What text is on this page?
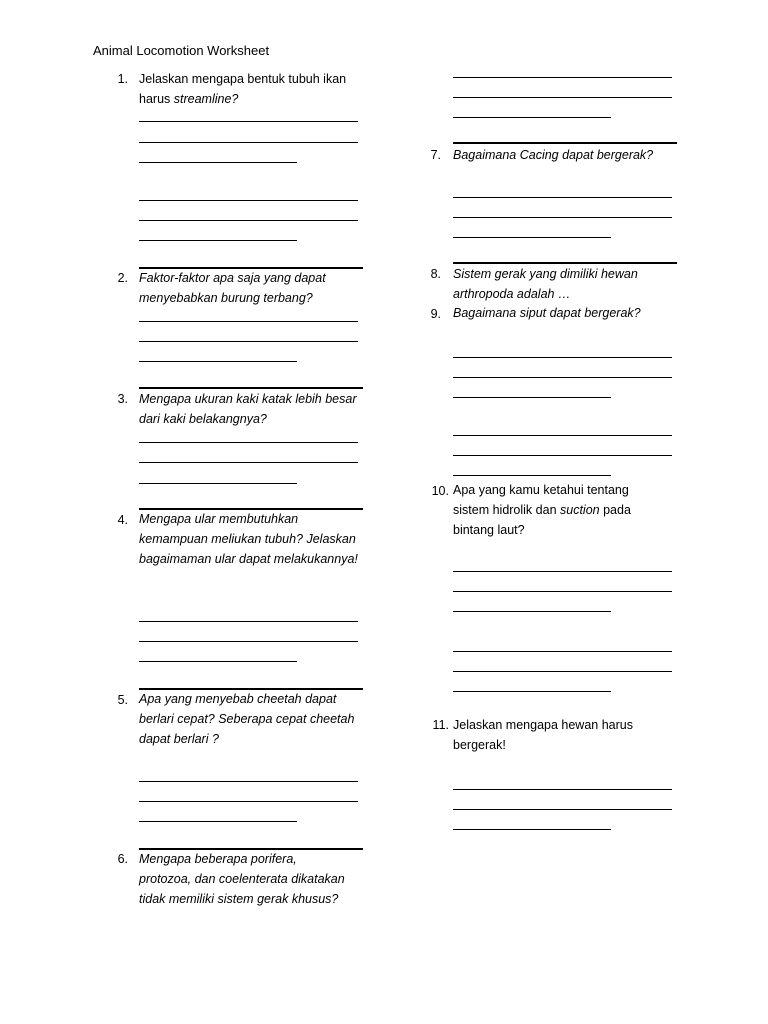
Animal Locomotion Worksheet
1. Jelaskan mengapa bentuk tubuh ikan harus streamline?
2. Faktor-faktor apa saja yang dapat menyebabkan burung terbang?
3. Mengapa ukuran kaki katak lebih besar dari kaki belakangnya?
4. Mengapa ular membutuhkan kemampuan meliukan tubuh? Jelaskan bagaimaman ular dapat melakukannya!
5. Apa yang menyebab cheetah dapat berlari cepat? Seberapa cepat cheetah dapat berlari ?
6. Mengapa beberapa porifera, protozoa, dan coelenterata dikatakan tidak memiliki sistem gerak khusus?
7. Bagaimana Cacing dapat bergerak?
8. Sistem gerak yang dimiliki hewan arthropoda adalah …
9. Bagaimana siput dapat bergerak?
10. Apa yang kamu ketahui tentang sistem hidrolik dan suction pada bintang laut?
11. Jelaskan mengapa hewan harus bergerak!
